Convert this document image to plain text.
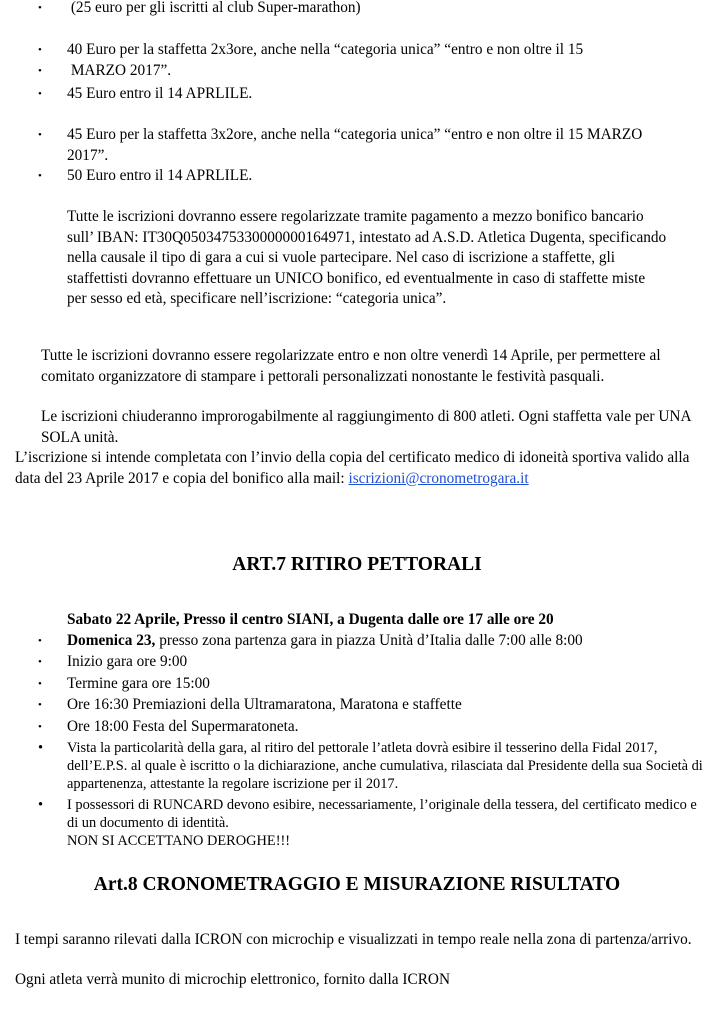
•	(25 euro per gli iscritti al club Super-marathon)
•	40 Euro per la staffetta 2x3ore, anche nella “categoria unica” “entro e non oltre il 15
•	MARZO 2017”.
•	45 Euro entro il 14 APRLILE.
•	45 Euro per la staffetta 3x2ore, anche nella “categoria unica” “entro e non oltre il 15 MARZO 2017”.
•	50 Euro entro il 14 APRLILE.

Tutte le iscrizioni dovranno essere regolarizzate tramite pagamento a mezzo bonifico bancario sull’ IBAN: IT30Q0503475330000000164971, intestato ad A.S.D. Atletica Dugenta, specificando nella causale il tipo di gara a cui si vuole partecipare. Nel caso di iscrizione a staffette, gli staffettisti dovranno effettuare un UNICO bonifico, ed eventualmente in caso di staffette miste per sesso ed età, specificare nell’iscrizione: “categoria unica”.

Tutte le iscrizioni dovranno essere regolarizzate entro e non oltre venerdì 14 Aprile, per permettere al comitato organizzatore di stampare i pettorali personalizzati nonostante le festività pasquali.

Le iscrizioni chiuderanno improrogabilmente al raggiungimento di 800 atleti. Ogni staffetta vale per UNA SOLA unità.

L’iscrizione si intende completata con l’invio della copia del certificato medico di idoneità sportiva valido alla data del 23 Aprile 2017 e copia del bonifico alla mail: iscrizioni@cronometrogara.it

ART.7 RITIRO PETTORALI
Sabato 22 Aprile, Presso il centro SIANI, a Dugenta dalle ore 17 alle ore 20
•	Domenica 23, presso zona partenza gara in piazza Unità d’Italia dalle 7:00 alle 8:00
•	Inizio gara ore 9:00
•	Termine gara ore 15:00
•	Ore 16:30 Premiazioni della Ultramaratona, Maratona e staffette
•	Ore 18:00 Festa del Supermaratoneta.
•	Vista la particolarità della gara, al ritiro del pettorale l’atleta dovrà esibire il tesserino della Fidal 2017, dell’E.P.S. al quale è iscritto o la dichiarazione, anche cumulativa, rilasciata dal Presidente della sua Società di appartenenza, attestante la regolare iscrizione per il 2017.
•	I possessori di RUNCARD devono esibire, necessariamente, l’originale della tessera, del certificato medico e di un documento di identità.
NON SI ACCETTANO DEROGHE!!!
Art.8 CRONOMETRAGGIO E MISURAZIONE RISULTATO

I tempi saranno rilevati dalla ICRON con microchip e visualizzati in tempo reale nella zona di partenza/arrivo.

Ogni atleta verrà munito di microchip elettronico, fornito dalla ICRON
